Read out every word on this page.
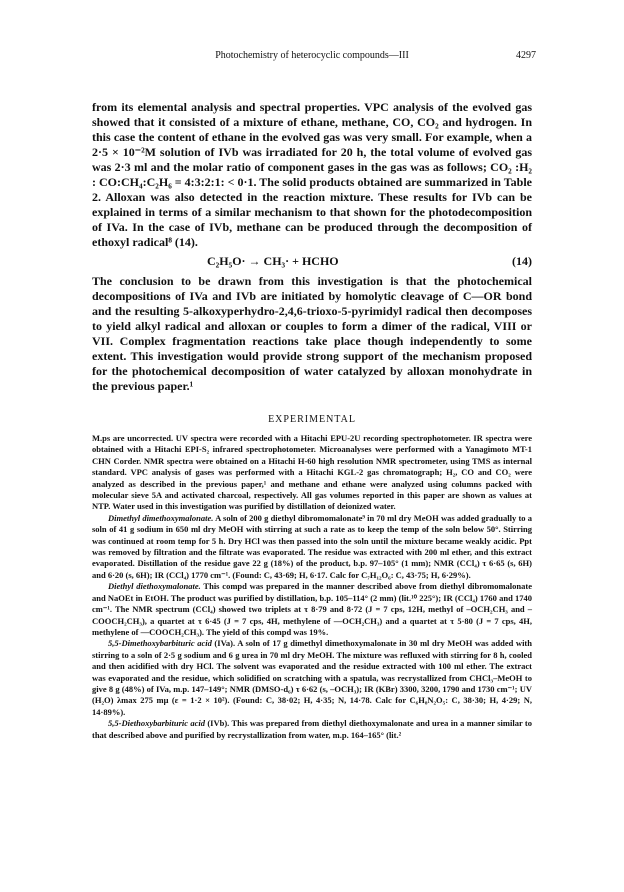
Photochemistry of heterocyclic compounds—III	4297

from its elemental analysis and spectral properties. VPC analysis of the evolved gas showed that it consisted of a mixture of ethane, methane, CO, CO₂ and hydrogen. In this case the content of ethane in the evolved gas was very small. For example, when a 2·5 × 10⁻²M solution of IVb was irradiated for 20 h, the total volume of evolved gas was 2·3 ml and the molar ratio of component gases in the gas was as follows; CO₂ :H₂ : CO:CH₄:C₂H₆ = 4:3:2:1: < 0·1. The solid products obtained are summarized in Table 2. Alloxan was also detected in the reaction mixture. These results for IVb can be explained in terms of a similar mechanism to that shown for the photodecomposition of IVa. In the case of IVb, methane can be produced through the decomposition of ethoxyl radical⁸ (14).

C₂H₅O· → CH₃· + HCHO	(14)

The conclusion to be drawn from this investigation is that the photochemical decompositions of IVa and IVb are initiated by homolytic cleavage of C—OR bond and the resulting 5-alkoxyperhydro-2,4,6-trioxo-5-pyrimidyl radical then decomposes to yield alkyl radical and alloxan or couples to form a dimer of the radical, VIII or VII. Complex fragmentation reactions take place though independently to some extent. This investigation would provide strong support of the mechanism proposed for the photochemical decomposition of water catalyzed by alloxan monohydrate in the previous paper.¹

EXPERIMENTAL

M.ps are uncorrected. UV spectra were recorded with a Hitachi EPU-2U recording spectrophotometer. IR spectra were obtained with a Hitachi EPI-S₂ infrared spectrophotometer. Microanalyses were performed with a Yanagimoto MT-1 CHN Corder. NMR spectra were obtained on a Hitachi H-60 high resolution NMR spectrometer, using TMS as internal standard. VPC analysis of gases was performed with a Hitachi KGL-2 gas chromatograph; H₂, CO and CO₂ were analyzed as described in the previous paper,¹ and methane and ethane were analyzed using columns packed with molecular sieve 5A and activated charcoal, respectively. All gas volumes reported in this paper are shown as values at NTP. Water used in this investigation was purified by distillation of deionized water.

Dimethyl dimethoxymalonate. A soln of 200 g diethyl dibromomalonate⁹ in 70 ml dry MeOH was added gradually to a soln of 41 g sodium in 650 ml dry MeOH with stirring at such a rate as to keep the temp of the soln below 50°. Stirring was continued at room temp for 5 h. Dry HCl was then passed into the soln until the mixture became weakly acidic. Ppt was removed by filtration and the filtrate was evaporated. The residue was extracted with 200 ml ether, and this extract evaporated. Distillation of the residue gave 22 g (18%) of the product, b.p. 97–105° (1 mm); NMR (CCl₄) τ 6·65 (s, 6H) and 6·20 (s, 6H); IR (CCl₄) 1770 cm⁻¹. (Found: C, 43·69; H, 6·17. Calc for C₇H₁₂O₆: C, 43·75; H, 6·29%).

Diethyl diethoxymalonate. This compd was prepared in the manner described above from diethyl dibromomalonate and NaOEt in EtOH. The product was purified by distillation, b.p. 105–114° (2 mm) (lit.¹⁰ 225°); IR (CCl₄) 1760 and 1740 cm⁻¹. The NMR spectrum (CCl₄) showed two triplets at τ 8·79 and 8·72 (J = 7 cps, 12H, methyl of –OCH₂CH₃ and –COOCH₂CH₃), a quartet at τ 6·45 (J = 7 cps, 4H, methylene of —OCH₂CH₃) and a quartet at τ 5·80 (J = 7 cps, 4H, methylene of —COOCH₂CH₃). The yield of this compd was 19%.

5,5-Dimethoxybarbituric acid (IVa). A soln of 17 g dimethyl dimethoxymalonate in 30 ml dry MeOH was added with stirring to a soln of 2·5 g sodium and 6 g urea in 70 ml dry MeOH. The mixture was refluxed with stirring for 8 h, cooled and then acidified with dry HCl. The solvent was evaporated and the residue extracted with 100 ml ether. The extract was evaporated and the residue, which solidified on scratching with a spatula, was recrystallized from CHCl₃–MeOH to give 8 g (48%) of IVa, m.p. 147–149°; NMR (DMSO-d₆) τ 6·62 (s, –OCH₃); IR (KBr) 3300, 3200, 1790 and 1730 cm⁻¹; UV (H₂O) λmax 275 mμ (ε = 1·2 × 10²). (Found: C, 38·02; H, 4·35; N, 14·78. Calc for C₆H₈N₂O₅: C, 38·30; H, 4·29; N, 14·89%).

5,5-Diethoxybarbituric acid (IVb). This was prepared from diethyl diethoxymalonate and urea in a manner similar to that described above and purified by recrystallization from water, m.p. 164–165° (lit.²
